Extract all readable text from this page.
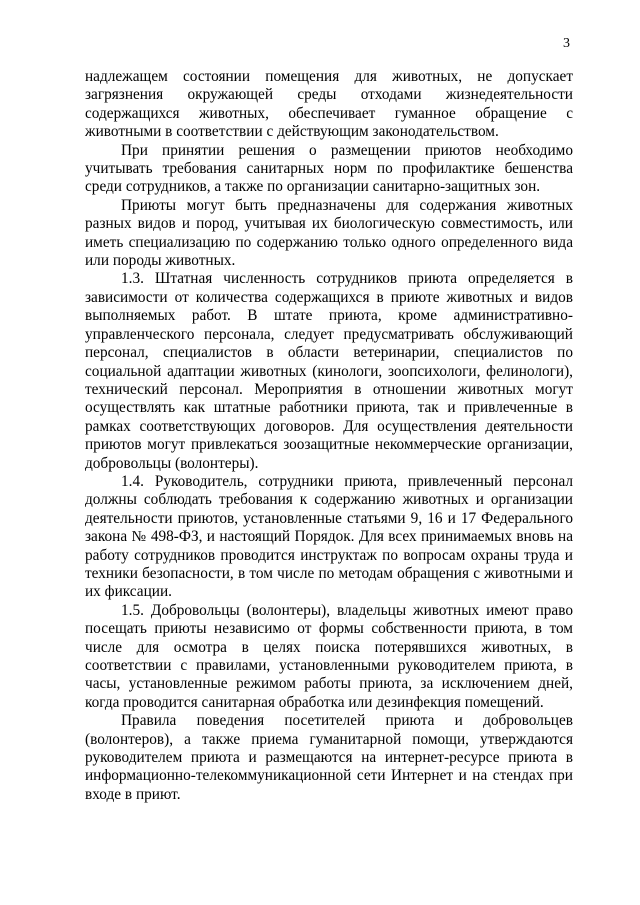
3

надлежащем состоянии помещения для животных, не допускает загрязнения окружающей среды отходами жизнедеятельности содержащихся животных, обеспечивает гуманное обращение с животными в соответствии с действующим законодательством.

При принятии решения о размещении приютов необходимо учитывать требования санитарных норм по профилактике бешенства среди сотрудников, а также по организации санитарно-защитных зон.

Приюты могут быть предназначены для содержания животных разных видов и пород, учитывая их биологическую совместимость, или иметь специализацию по содержанию только одного определенного вида или породы животных.

1.3. Штатная численность сотрудников приюта определяется в зависимости от количества содержащихся в приюте животных и видов выполняемых работ. В штате приюта, кроме административно-управленческого персонала, следует предусматривать обслуживающий персонал, специалистов в области ветеринарии, специалистов по социальной адаптации животных (кинологи, зоопсихологи, фелинологи), технический персонал. Мероприятия в отношении животных могут осуществлять как штатные работники приюта, так и привлеченные в рамках соответствующих договоров. Для осуществления деятельности приютов могут привлекаться зоозащитные некоммерческие организации, добровольцы (волонтеры).

1.4. Руководитель, сотрудники приюта, привлеченный персонал должны соблюдать требования к содержанию животных и организации деятельности приютов, установленные статьями 9, 16 и 17 Федерального закона № 498-ФЗ, и настоящий Порядок. Для всех принимаемых вновь на работу сотрудников проводится инструктаж по вопросам охраны труда и техники безопасности, в том числе по методам обращения с животными и их фиксации.

1.5. Добровольцы (волонтеры), владельцы животных имеют право посещать приюты независимо от формы собственности приюта, в том числе для осмотра в целях поиска потерявшихся животных, в соответствии с правилами, установленными руководителем приюта, в часы, установленные режимом работы приюта, за исключением дней, когда проводится санитарная обработка или дезинфекция помещений.

Правила поведения посетителей приюта и добровольцев (волонтеров), а также приема гуманитарной помощи, утверждаются руководителем приюта и размещаются на интернет-ресурсе приюта в информационно-телекоммуникационной сети Интернет и на стендах при входе в приют.
